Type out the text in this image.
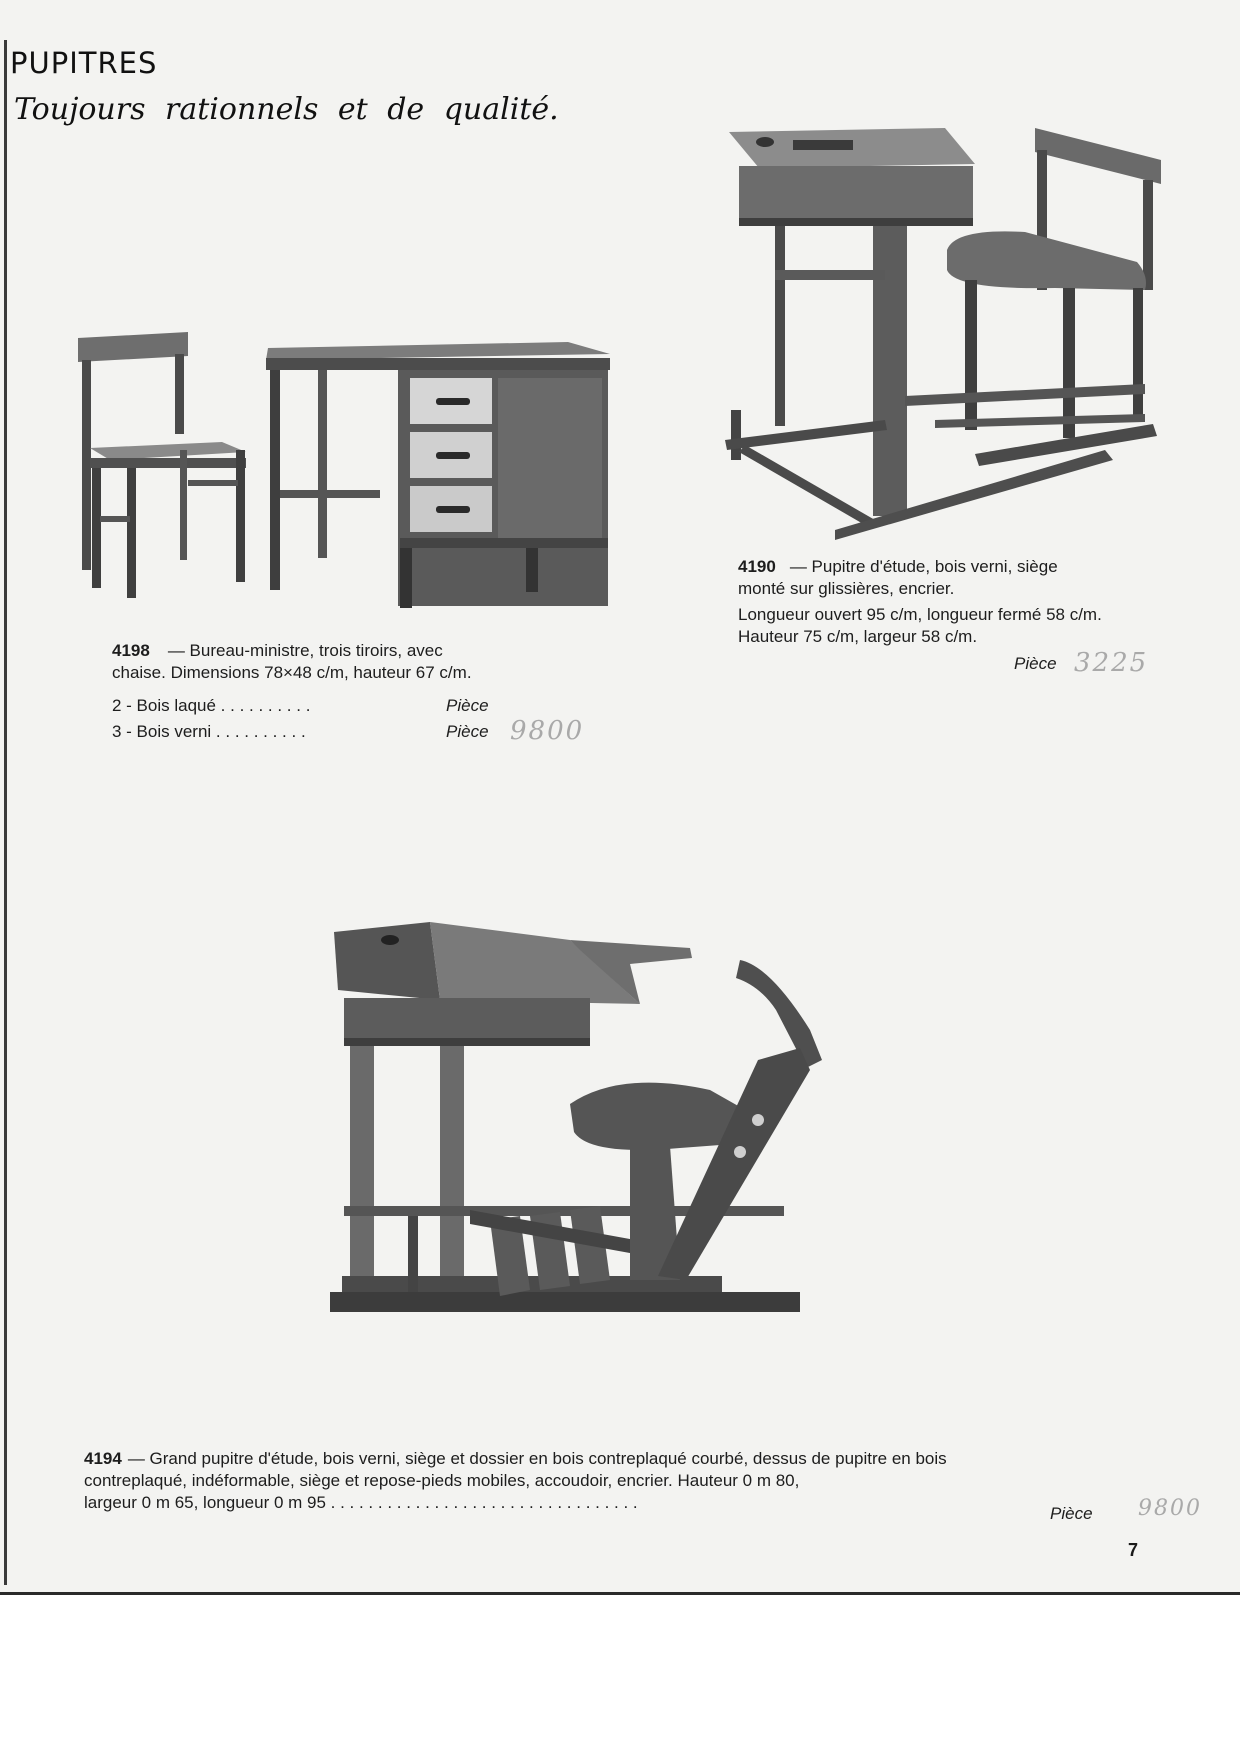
PUPITRES
Toujours rationnels et de qualité.
4198 — Bureau-ministre, trois tiroirs, avec
chaise. Dimensions 78×48 c/m, hauteur 67 c/m.
2 - Bois laqué . . . . . . . . . .	Pièce
3 - Bois verni . . . . . . . . . .	Pièce 9800
4190 — Pupitre d'étude, bois verni, siège
monté sur glissières, encrier.
Longueur ouvert 95 c/m, longueur fermé 58 c/m.
Hauteur 75 c/m, largeur 58 c/m.
Pièce 3225
4194 — Grand pupitre d'étude, bois verni, siège et dossier en bois contreplaqué courbé, dessus de pupitre en bois
contreplaqué, indéformable, siège et repose-pieds mobiles, accoudoir, encrier. Hauteur 0 m 80,
largeur 0 m 65, longueur 0 m 95 . . . . . . . . . . . . . . . . . . . . . . . . . . . . . . . . .
Pièce 9800
7
